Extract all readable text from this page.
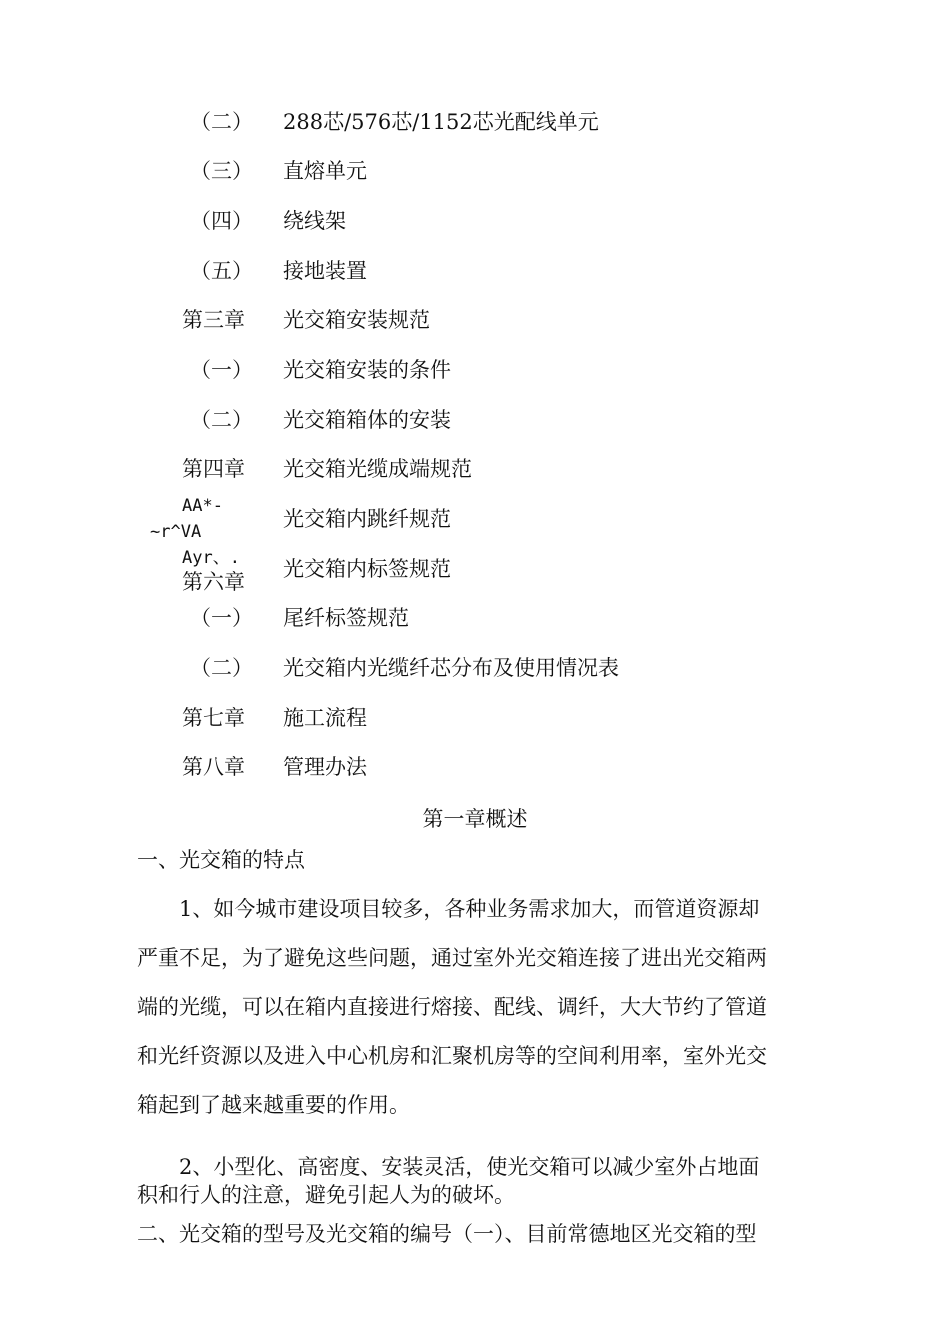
（二） 288芯/576芯/1152芯光配线单元
（三） 直熔单元
（四） 绕线架
（五） 接地装置
第三章 光交箱安装规范
（一） 光交箱安装的条件
（二） 光交箱箱体的安装
第四章 光交箱光缆成端规范
AA*-
~r^VA
Ayr、.
光交箱内跳纤规范
光交箱内标签规范
第六章
（一） 尾纤标签规范
（二） 光交箱内光缆纤芯分布及使用情况表
第七章 施工流程
第八章 管理办法
第一章概述
一、光交箱的特点
　　1、如今城市建设项目较多，各种业务需求加大，而管道资源却
严重不足，为了避免这些问题，通过室外光交箱连接了进出光交箱两
端的光缆，可以在箱内直接进行熔接、配线、调纤，大大节约了管道
和光纤资源以及进入中心机房和汇聚机房等的空间利用率，室外光交
箱起到了越来越重要的作用。
　　2、小型化、高密度、安装灵活，使光交箱可以减少室外占地面
积和行人的注意，避免引起人为的破坏。
二、光交箱的型号及光交箱的编号（一）、目前常德地区光交箱的型
